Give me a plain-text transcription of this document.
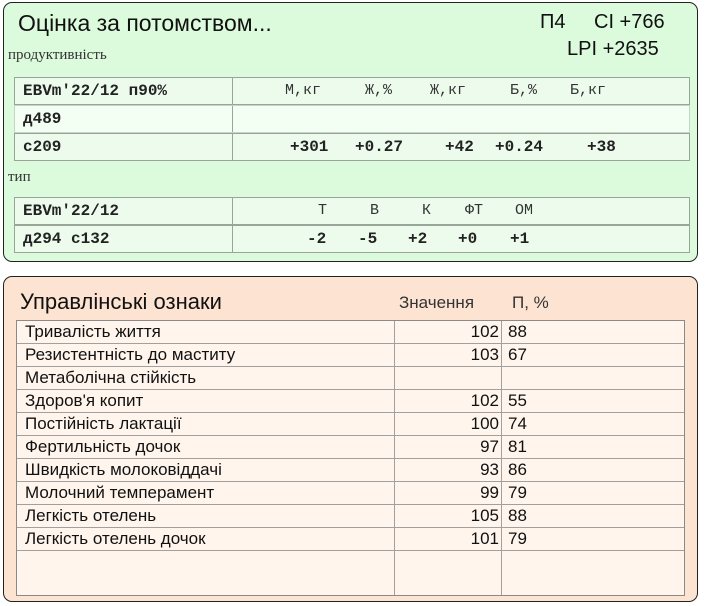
Оцінка за потомством...	П4 CI +766
LPI +2635
продуктивність
EBVm'22/12 п90%	М,кг	Ж,%	Ж,кг	Б,% Б,кг
д489
с209	+301 +0.27	+42 +0.24	+38
тип
EBVm'22/12	Т	В	К ФТ ОМ
д294 с132	-2 -5 +2 +0 +1
Управлінські ознаки	Значення П, %
Тривалість життя	102 88
Резистентність до маститу	103 67
Метаболічна стійкість
Здоров'я копит	102 55
Постійність лактації	100 74
Фертильність дочок	97 81
Швидкість молоковіддачі	93 86
Молочний темперамент	99 79
Легкість отелень	105 88
Легкість отелень дочок	101 79
